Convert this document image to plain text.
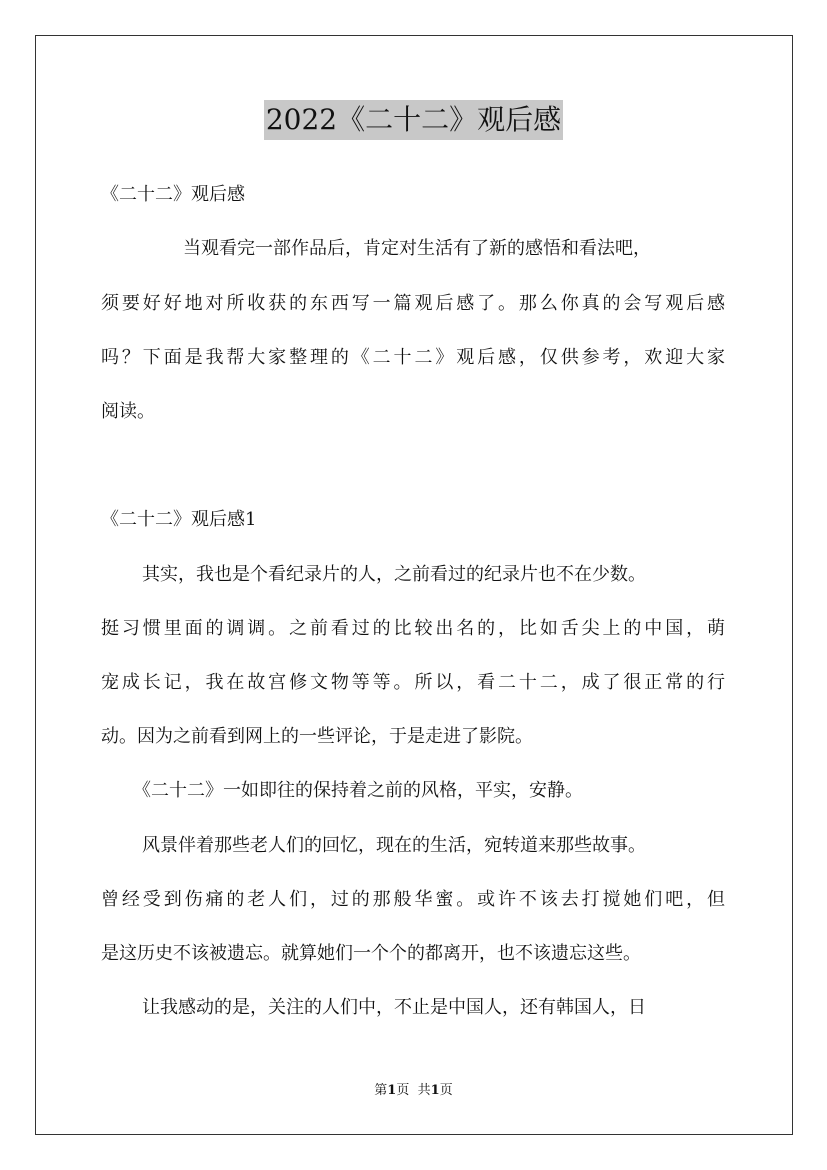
2022《二十二》观后感
《二十二》观后感
当观看完一部作品后，肯定对生活有了新的感悟和看法吧，
须要好好地对所收获的东西写一篇观后感了。那么你真的会写观后感
吗？下面是我帮大家整理的《二十二》观后感，仅供参考，欢迎大家
阅读。
《二十二》观后感1
其实，我也是个看纪录片的人，之前看过的纪录片也不在少数。
挺习惯里面的调调。之前看过的比较出名的，比如舌尖上的中国，萌
宠成长记，我在故宫修文物等等。所以，看二十二，成了很正常的行
动。因为之前看到网上的一些评论，于是走进了影院。
《二十二》一如即往的保持着之前的风格，平实，安静。
风景伴着那些老人们的回忆，现在的生活，宛转道来那些故事。
曾经受到伤痛的老人们，过的那般华蜜。或许不该去打搅她们吧，但
是这历史不该被遗忘。就算她们一个个的都离开，也不该遗忘这些。
让我感动的是，关注的人们中，不止是中国人，还有韩国人，日
第1页 共1页
